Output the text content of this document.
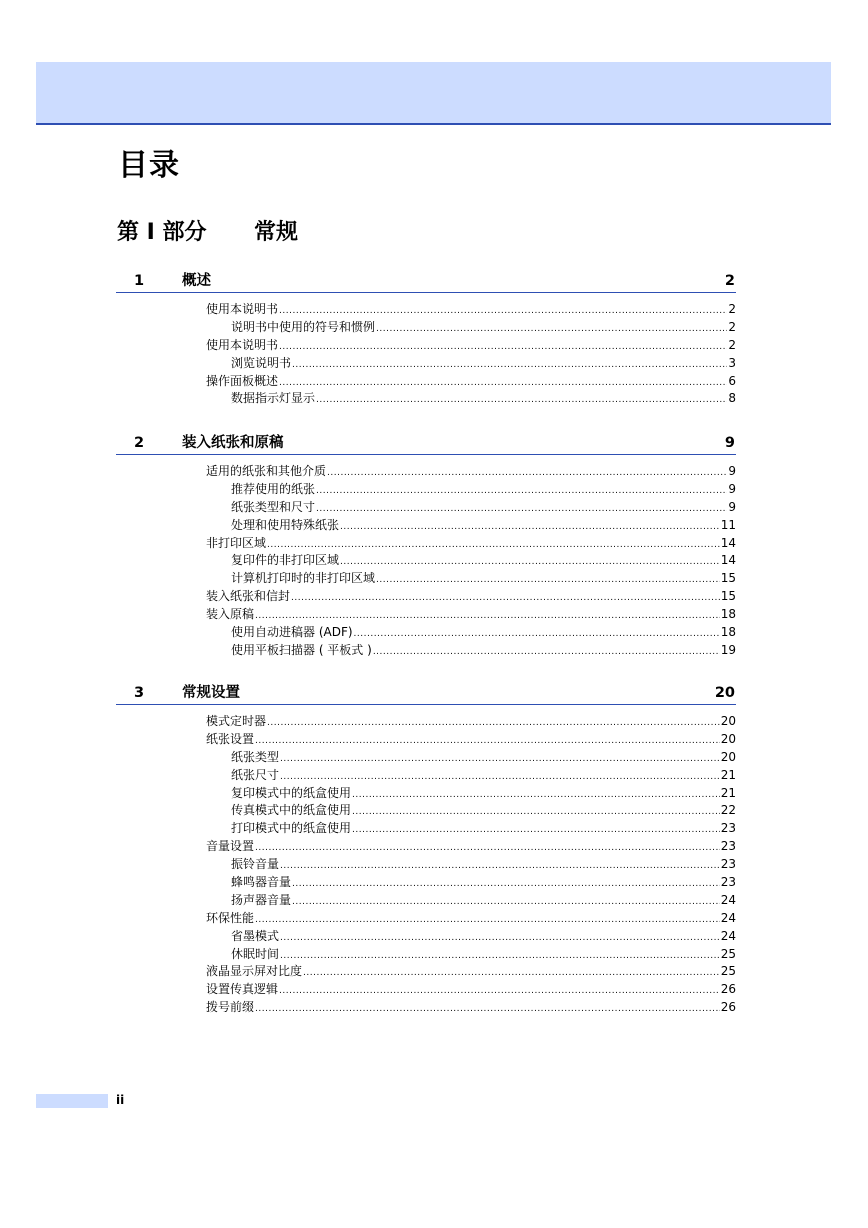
目录
第 I 部分	常规
1	概述	2
使用本说明书 .....	2
说明书中使用的符号和惯例 .....	2
使用本说明书 .....	2
浏览说明书 .....	3
操作面板概述 .....	6
数据指示灯显示 .....	8
2	装入纸张和原稿	9
适用的纸张和其他介质 .....	9
推荐使用的纸张 .....	9
纸张类型和尺寸 .....	9
处理和使用特殊纸张 .....	11
非打印区域 .....	14
复印件的非打印区域 .....	14
计算机打印时的非打印区域 .....	15
装入纸张和信封 .....	15
装入原稿 .....	18
使用自动进稿器 (ADF) .....	18
使用平板扫描器 ( 平板式 ) .....	19
3	常规设置	20
模式定时器 .....	20
纸张设置 .....	20
纸张类型 .....	20
纸张尺寸 .....	21
复印模式中的纸盒使用 .....	21
传真模式中的纸盒使用 .....	22
打印模式中的纸盒使用 .....	23
音量设置 .....	23
振铃音量 .....	23
蜂鸣器音量 .....	23
扬声器音量 .....	24
环保性能 .....	24
省墨模式 .....	24
休眠时间 .....	25
液晶显示屏对比度 .....	25
设置传真逻辑 .....	26
拨号前缀 .....	26
ii
